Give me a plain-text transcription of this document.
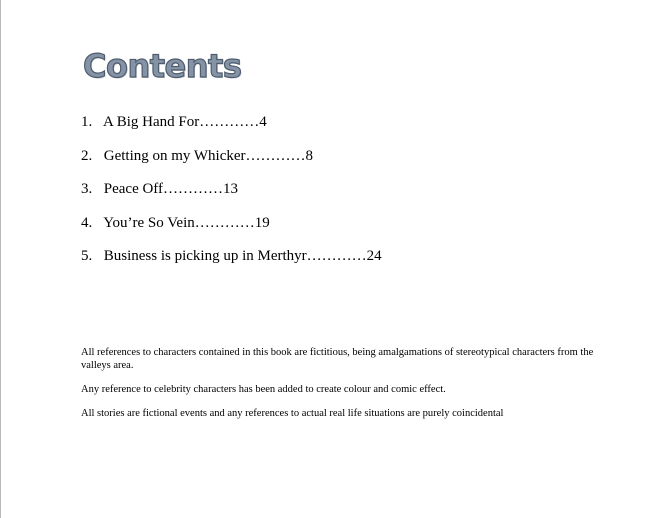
Contents
1. A Big Hand For…………4
2. Getting on my Whicker…………8
3. Peace Off…………13
4. You’re So Vein…………19
5. Business is picking up in Merthyr…………24

All references to characters contained in this book are fictitious, being amalgamations of stereotypical characters from the valleys area.

Any reference to celebrity characters has been added to create colour and comic effect.

All stories are fictional events and any references to actual real life situations are purely coincidental
